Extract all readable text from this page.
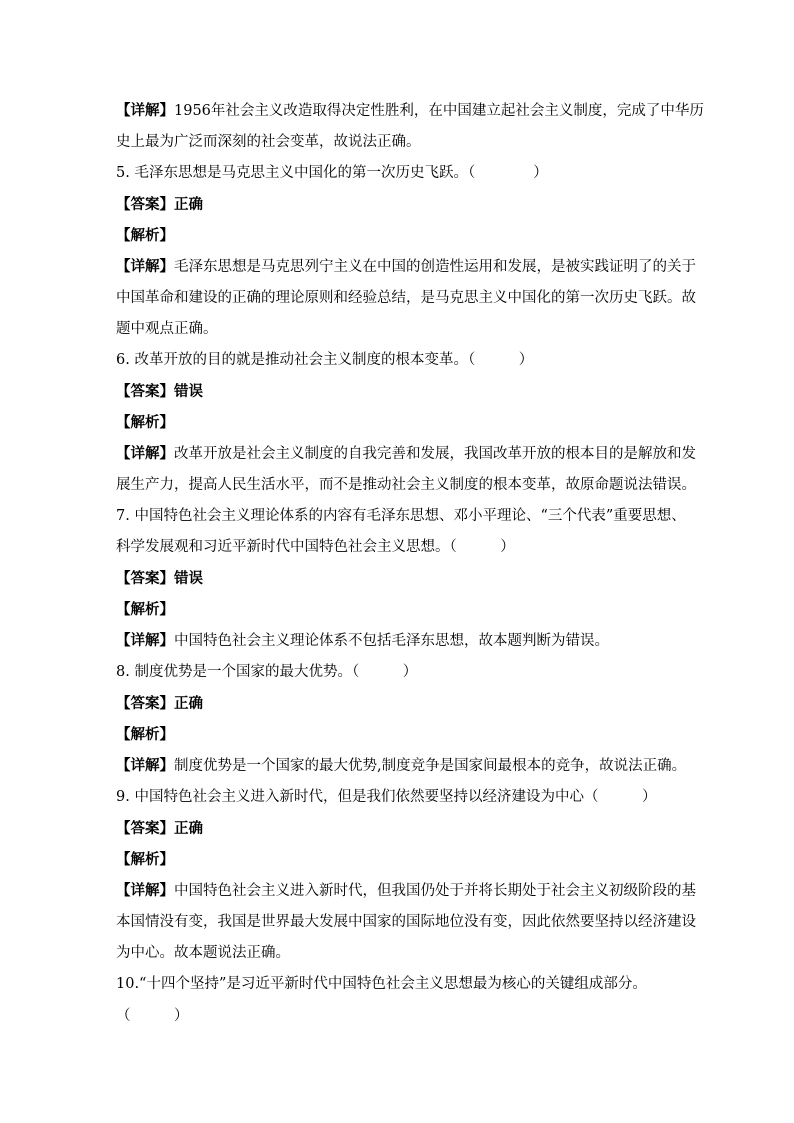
【详解】1956年社会主义改造取得决定性胜利，在中国建立起社会主义制度，完成了中华历
史上最为广泛而深刻的社会变革，故说法正确。
5. 毛泽东思想是马克思主义中国化的第一次历史飞跃。（　　　　）
【答案】正确
【解析】
【详解】毛泽东思想是马克思列宁主义在中国的创造性运用和发展，是被实践证明了的关于
中国革命和建设的正确的理论原则和经验总结，是马克思主义中国化的第一次历史飞跃。故
题中观点正确。
6. 改革开放的目的就是推动社会主义制度的根本变革。（　　　）
【答案】错误
【解析】
【详解】改革开放是社会主义制度的自我完善和发展，我国改革开放的根本目的是解放和发
展生产力，提高人民生活水平，而不是推动社会主义制度的根本变革，故原命题说法错误。
7. 中国特色社会主义理论体系的内容有毛泽东思想、邓小平理论、“三个代表”重要思想、
科学发展观和习近平新时代中国特色社会主义思想。（　　　）
【答案】错误
【解析】
【详解】中国特色社会主义理论体系不包括毛泽东思想，故本题判断为错误。
8. 制度优势是一个国家的最大优势。（　　　）
【答案】正确
【解析】
【详解】制度优势是一个国家的最大优势,制度竞争是国家间最根本的竞争，故说法正确。
9. 中国特色社会主义进入新时代，但是我们依然要坚持以经济建设为中心（　　　）
【答案】正确
【解析】
【详解】中国特色社会主义进入新时代，但我国仍处于并将长期处于社会主义初级阶段的基
本国情没有变，我国是世界最大发展中国家的国际地位没有变，因此依然要坚持以经济建设
为中心。故本题说法正确。
10.“十四个坚持”是习近平新时代中国特色社会主义思想最为核心的关键组成部分。
（　　　）
